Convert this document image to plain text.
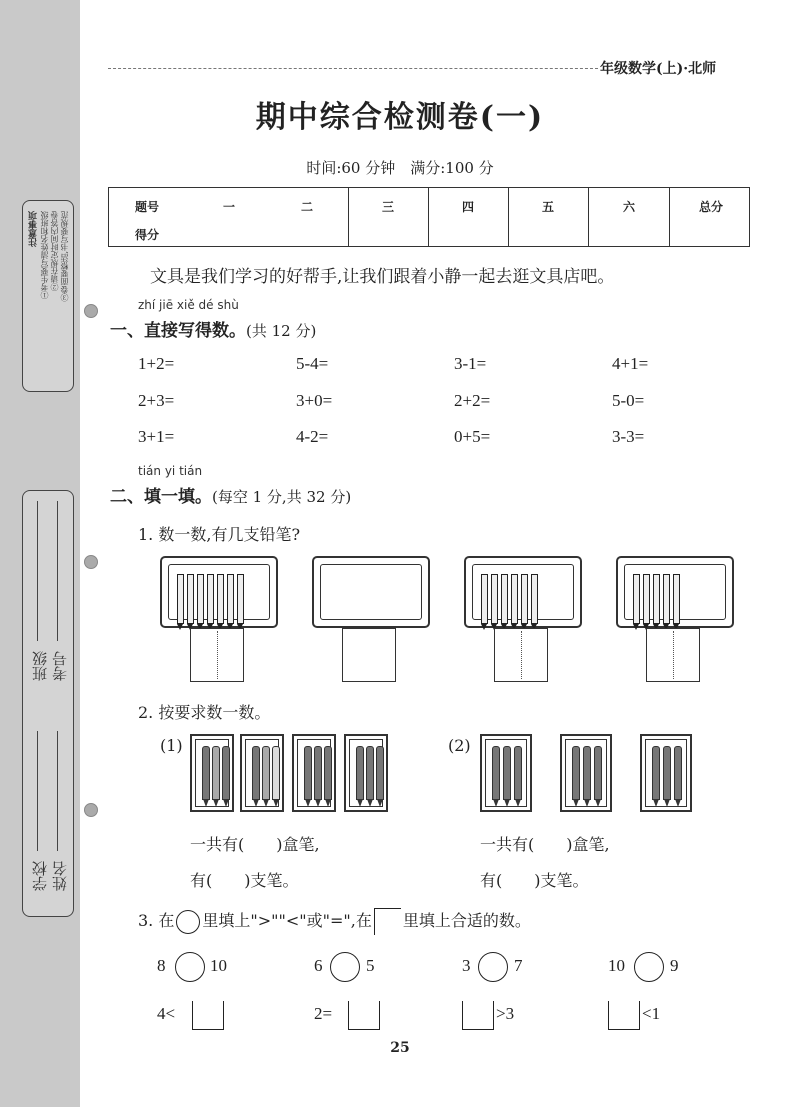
注意事项 ①考生要写清姓名和班级 ②请在规定时间内答卷 ③卷面要整洁,书写要规范
班级 考号
学校 姓名
年级数学(上)·北师
期中综合检测卷(一)
时间:60 分钟　满分:100 分
题号	一	二	三	四	五	六	总分
得分
文具是我们学习的好帮手,让我们跟着小静一起去逛文具店吧。
zhí jiē xiě dé shù
一、直接写得数。(共 12 分)
1+2=	5-4=	3-1=	4+1=
2+3=	3+0=	2+2=	5-0=
3+1=	4-2=	0+5=	3-3=
tián yi tián
二、填一填。(每空 1 分,共 32 分)
1. 数一数,有几支铅笔?
2. 按要求数一数。
(1)	(2)
一共有(　　)盒笔,
有(　　)支笔。
一共有(　　)盒笔,
有(　　)支笔。
3. 在 里填上">""<"或"=",在 里填上合适的数。
8	10	6	5	3	7	10	9
4<	2=	>3	<1
25
